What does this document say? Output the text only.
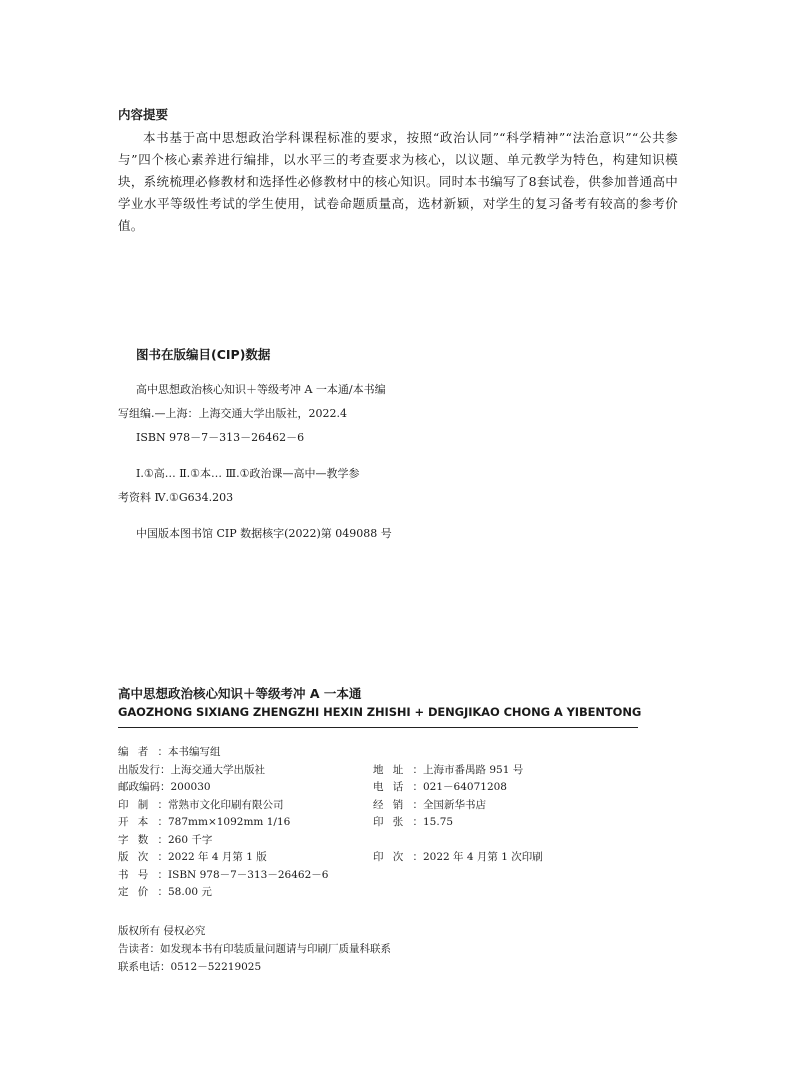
内容提要

本书基于高中思想政治学科课程标准的要求，按照“政治认同”“科学精神”“法治意识”“公共参与”四个核心素养进行编排，以水平三的考查要求为核心，以议题、单元教学为特色，构建知识模块，系统梳理必修教材和选择性必修教材中的核心知识。同时本书编写了8套试卷，供参加普通高中学业水平等级性考试的学生使用，试卷命题质量高，选材新颖，对学生的复习备考有较高的参考价值。

图书在版编目(CIP)数据
高中思想政治核心知识＋等级考冲 A 一本通/本书编
写组编.—上海：上海交通大学出版社，2022.4
ISBN 978－7－313－26462－6
Ⅰ.①高… Ⅱ.①本… Ⅲ.①政治课—高中—教学参
考资料 Ⅳ.①G634.203
中国版本图书馆 CIP 数据核字(2022)第 049088 号
高中思想政治核心知识＋等级考冲 A 一本通
GAOZHONG SIXIANG ZHENGZHI HEXIN ZHISHI + DENGJIKAO CHONG A YIBENTONG
编者：本书编写组
出版发行：上海交通大学出版社	地址：上海市番禺路 951 号
邮政编码：200030	电话：021－64071208
印制：常熟市文化印刷有限公司	经销：全国新华书店
开本：787mm×1092mm 1/16	印张：15.75
字数：260 千字
版次：2022 年 4 月第 1 版	印次：2022 年 4 月第 1 次印刷
书号：ISBN 978－7－313－26462－6
定价：58.00 元
版权所有 侵权必究
告读者：如发现本书有印装质量问题请与印刷厂质量科联系
联系电话：0512－52219025
